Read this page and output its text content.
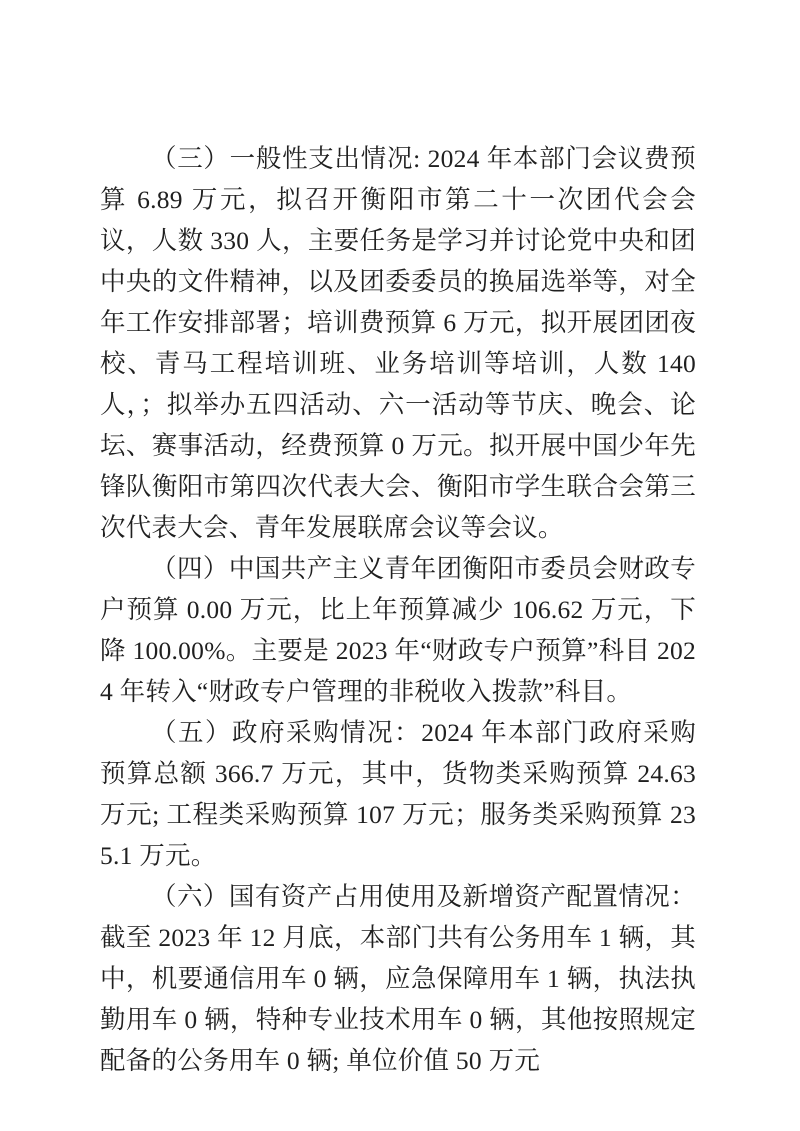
（三）一般性支出情况: 2024 年本部门会议费预算 6.89 万元，拟召开衡阳市第二十一次团代会会议，人数 330 人，主要任务是学习并讨论党中央和团中央的文件精神，以及团委委员的换届选举等，对全年工作安排部署；培训费预算 6 万元，拟开展团团夜校、青马工程培训班、业务培训等培训，人数 140 人，；拟举办五四活动、六一活动等节庆、晚会、论坛、赛事活动，经费预算 0 万元。拟开展中国少年先锋队衡阳市第四次代表大会、衡阳市学生联合会第三次代表大会、青年发展联席会议等会议。

（四）中国共产主义青年团衡阳市委员会财政专户预算 0.00 万元，比上年预算减少 106.62 万元，下降 100.00%。主要是 2023 年“财政专户预算”科目 2024 年转入“财政专户管理的非税收入拨款”科目。

（五）政府采购情况：2024 年本部门政府采购预算总额 366.7 万元，其中，货物类采购预算 24.63 万元; 工程类采购预算 107 万元；服务类采购预算 235.1 万元。

（六）国有资产占用使用及新增资产配置情况：截至 2023 年 12 月底，本部门共有公务用车 1 辆，其中，机要通信用车 0 辆，应急保障用车 1 辆，执法执勤用车 0 辆，特种专业技术用车 0 辆，其他按照规定配备的公务用车 0 辆; 单位价值 50 万元
